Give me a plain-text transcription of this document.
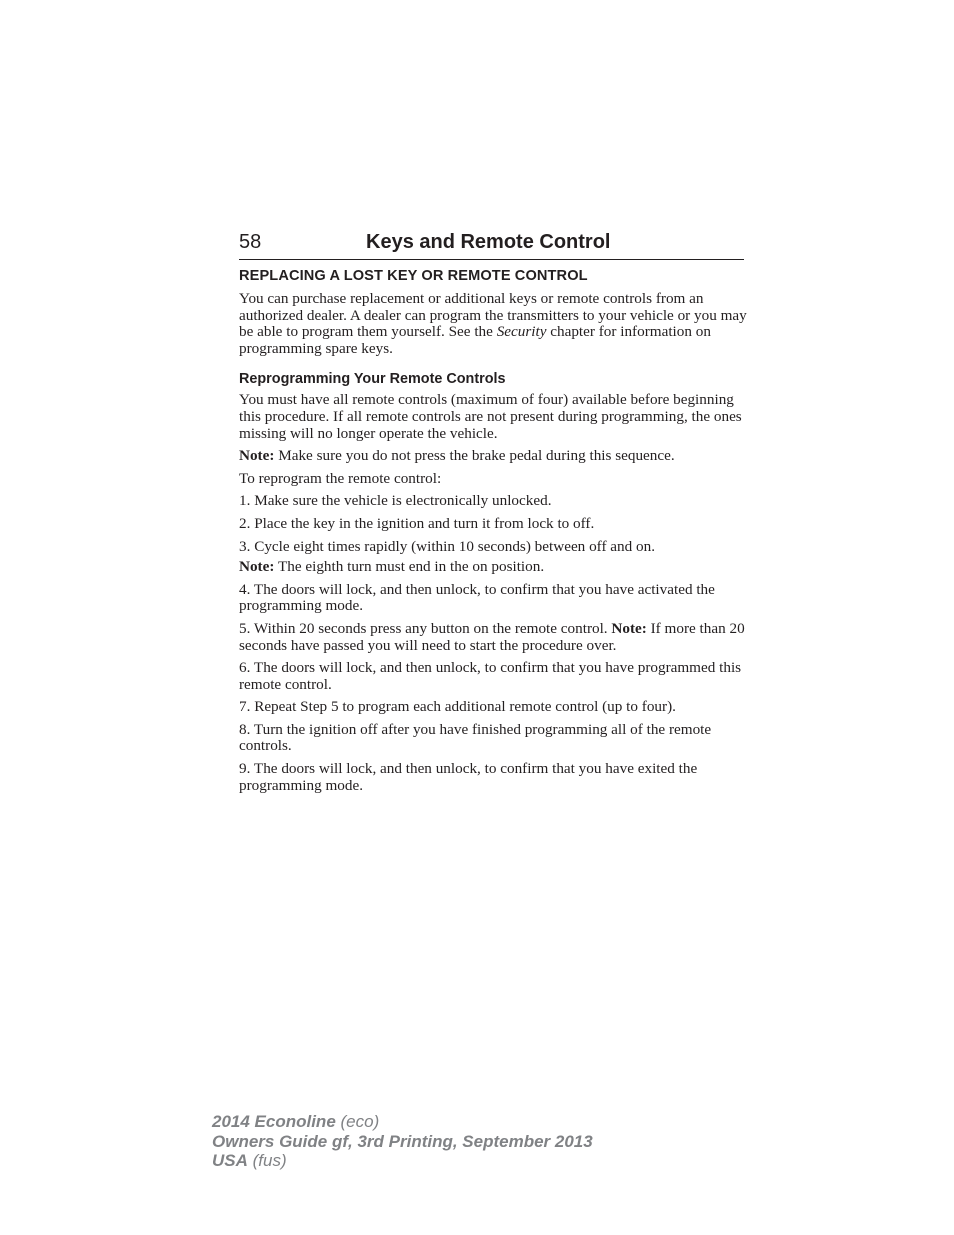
58	Keys and Remote Control
REPLACING A LOST KEY OR REMOTE CONTROL

You can purchase replacement or additional keys or remote controls from an authorized dealer. A dealer can program the transmitters to your vehicle or you may be able to program them yourself. See the Security chapter for information on programming spare keys.

Reprogramming Your Remote Controls

You must have all remote controls (maximum of four) available before beginning this procedure. If all remote controls are not present during programming, the ones missing will no longer operate the vehicle.

Note: Make sure you do not press the brake pedal during this sequence.

To reprogram the remote control:

1. Make sure the vehicle is electronically unlocked.

2. Place the key in the ignition and turn it from lock to off.

3. Cycle eight times rapidly (within 10 seconds) between off and on.

Note: The eighth turn must end in the on position.

4. The doors will lock, and then unlock, to confirm that you have activated the programming mode.

5. Within 20 seconds press any button on the remote control. Note: If more than 20 seconds have passed you will need to start the procedure over.

6. The doors will lock, and then unlock, to confirm that you have programmed this remote control.

7. Repeat Step 5 to program each additional remote control (up to four).

8. Turn the ignition off after you have finished programming all of the remote controls.

9. The doors will lock, and then unlock, to confirm that you have exited the programming mode.

2014 Econoline (eco)
Owners Guide gf, 3rd Printing, September 2013
USA (fus)
